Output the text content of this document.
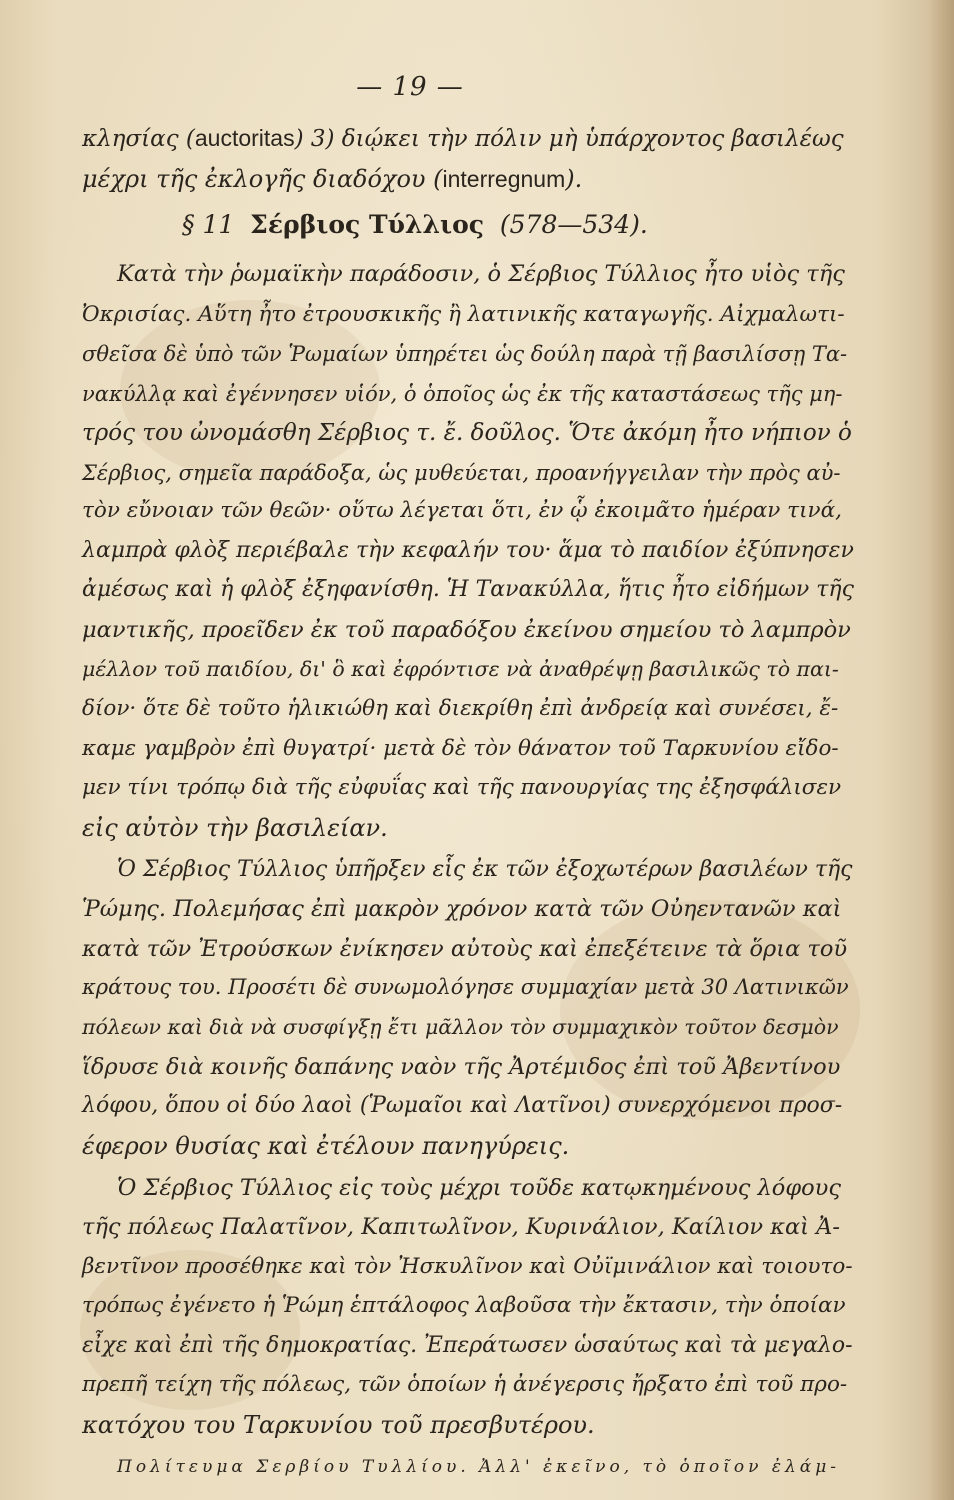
— 19 —
κλησίας (auctoritas) 3) διῴκει τὴν πόλιν μὴ ὑπάρχοντος βασιλέως
μέχρι τῆς ἐκλογῆς διαδόχου (interregnum).
§ 11 Σέρβιος Τύλλιος (578—534).
Κατὰ τὴν ῥωμαϊκὴν παράδοσιν, ὁ Σέρβιος Τύλλιος ἦτο υἱὸς τῆς
Ὀκρισίας. Αὕτη ἦτο ἐτρουσκικῆς ἢ λατινικῆς καταγωγῆς. Αἰχμαλωτι-
σθεῖσα δὲ ὑπὸ τῶν Ῥωμαίων ὑπηρέτει ὡς δούλη παρὰ τῇ βασιλίσσῃ Τα-
νακύλλᾳ καὶ ἐγέννησεν υἱόν, ὁ ὁποῖος ὡς ἐκ τῆς καταστάσεως τῆς μη-
τρός του ὠνομάσθη Σέρβιος τ. ἔ. δοῦλος. Ὅτε ἀκόμη ἦτο νήπιον ὁ
Σέρβιος, σημεῖα παράδοξα, ὡς μυθεύεται, προανήγγειλαν τὴν πρὸς αὐ-
τὸν εὔνοιαν τῶν θεῶν· οὕτω λέγεται ὅτι, ἐν ᾧ ἐκοιμᾶτο ἡμέραν τινά,
λαμπρὰ φλὸξ περιέβαλε τὴν κεφαλήν του· ἅμα τὸ παιδίον ἐξύπνησεν
ἀμέσως καὶ ἡ φλὸξ ἐξηφανίσθη. Ἡ Τανακύλλα, ἥτις ἦτο εἰδήμων τῆς
μαντικῆς, προεῖδεν ἐκ τοῦ παραδόξου ἐκείνου σημείου τὸ λαμπρὸν
μέλλον τοῦ παιδίου, δι' ὃ καὶ ἐφρόντισε νὰ ἀναθρέψῃ βασιλικῶς τὸ παι-
δίον· ὅτε δὲ τοῦτο ἡλικιώθη καὶ διεκρίθη ἐπὶ ἀνδρείᾳ καὶ συνέσει, ἔ-
καμε γαμβρὸν ἐπὶ θυγατρί· μετὰ δὲ τὸν θάνατον τοῦ Ταρκυνίου εἴδο-
μεν τίνι τρόπῳ διὰ τῆς εὐφυΐας καὶ τῆς πανουργίας της ἐξησφάλισεν
εἰς αὐτὸν τὴν βασιλείαν.
Ὁ Σέρβιος Τύλλιος ὑπῆρξεν εἷς ἐκ τῶν ἐξοχωτέρων βασιλέων τῆς
Ῥώμης. Πολεμήσας ἐπὶ μακρὸν χρόνον κατὰ τῶν Οὐηεντανῶν καὶ
κατὰ τῶν Ἐτρούσκων ἐνίκησεν αὐτοὺς καὶ ἐπεξέτεινε τὰ ὅρια τοῦ
κράτους του. Προσέτι δὲ συνωμολόγησε συμμαχίαν μετὰ 30 Λατινικῶν
πόλεων καὶ διὰ νὰ συσφίγξῃ ἔτι μᾶλλον τὸν συμμαχικὸν τοῦτον δεσμὸν
ἵδρυσε διὰ κοινῆς δαπάνης ναὸν τῆς Ἀρτέμιδος ἐπὶ τοῦ Ἀβεντίνου
λόφου, ὅπου οἱ δύο λαοὶ (Ῥωμαῖοι καὶ Λατῖνοι) συνερχόμενοι προσ-
έφερον θυσίας καὶ ἐτέλουν πανηγύρεις.
Ὁ Σέρβιος Τύλλιος εἰς τοὺς μέχρι τοῦδε κατῳκημένους λόφους
τῆς πόλεως Παλατῖνον, Καπιτωλῖνον, Κυρινάλιον, Καίλιον καὶ Ἀ-
βεντῖνον προσέθηκε καὶ τὸν Ἠσκυλῖνον καὶ Οὐϊμινάλιον καὶ τοιουτο-
τρόπως ἐγένετο ἡ Ῥώμη ἑπτάλοφος λαβοῦσα τὴν ἔκτασιν, τὴν ὁποίαν
εἶχε καὶ ἐπὶ τῆς δημοκρατίας. Ἐπεράτωσεν ὡσαύτως καὶ τὰ μεγαλο-
πρεπῆ τείχη τῆς πόλεως, τῶν ὁποίων ἡ ἀνέγερσις ἤρξατο ἐπὶ τοῦ προ-
κατόχου του Ταρκυνίου τοῦ πρεσβυτέρου.
Πολίτευμα Σερβίου Τυλλίου. Ἀλλ' ἐκεῖνο, τὸ ὁποῖον ἐλάμ-
